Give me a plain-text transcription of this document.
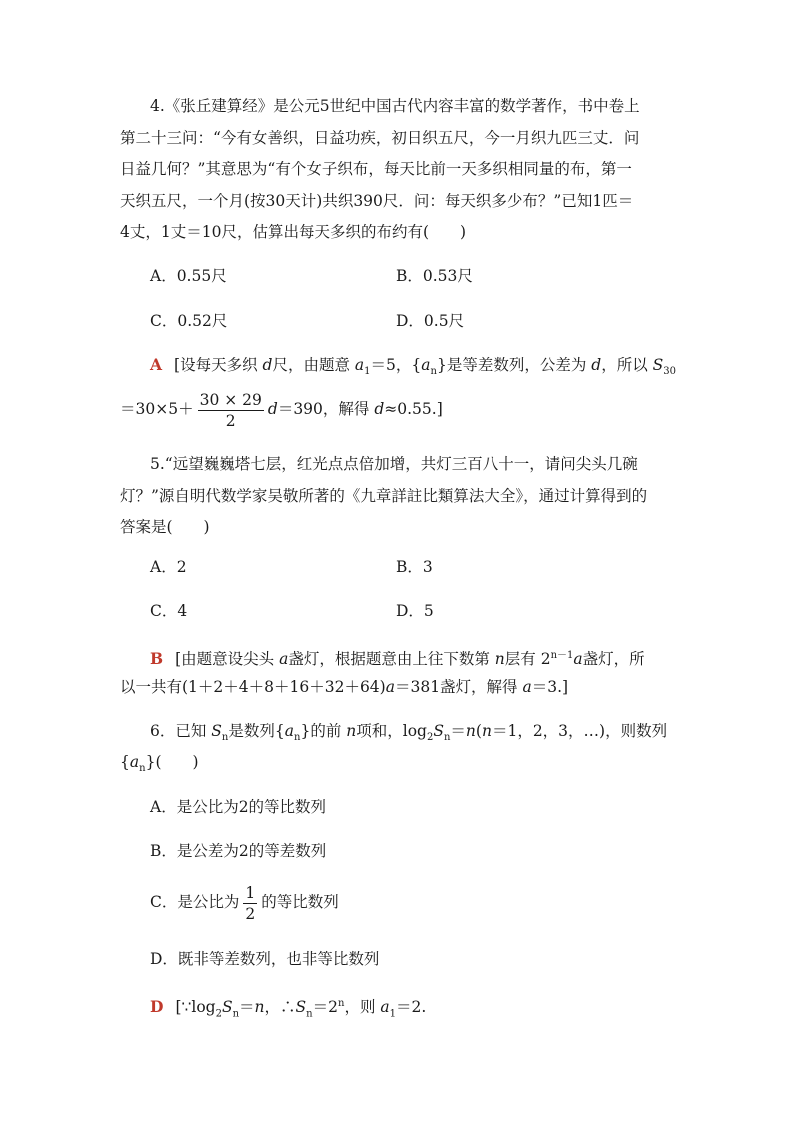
4.《张丘建算经》是公元5世纪中国古代内容丰富的数学著作，书中卷上
第二十三问：“今有女善织，日益功疾，初日织五尺，今一月织九匹三丈．问
日益几何？”其意思为“有个女子织布，每天比前一天多织相同量的布，第一
天织五尺，一个月(按30天计)共织390尺．问：每天织多少布？”已知1匹＝
4丈，1丈＝10尺，估算出每天多织的布约有(　　)
A．0.55尺	B．0.53尺
C．0.52尺	D．0.5尺
A [设每天多织 d尺，由题意 $a_1=5$，$\{a_n\}$是等差数列，公差为 d，所以 $S_{30}$
$=30\times 5+ \frac{30 \times 29}{2} d=390$，解得 d≈0.55.]
5.“远望巍巍塔七层，红光点点倍加增，共灯三百八十一，请问尖头几碗
灯？”源自明代数学家吴敬所著的《九章詳註比類算法大全》，通过计算得到的
答案是(　　)
A．2	B．3
C．4	D．5
B [由题意设尖头 a盏灯，根据题意由上往下数第 n层有 $2^{n-1}a$盏灯，所
以一共有(1＋2＋4＋8＋16＋32＋64)a＝381盏灯，解得 a＝3.]
6．已知 $S_n$是数列$\{a_n\}$的前 n项和，$\log_2S_n=n(n=1$，2，3，…)，则数列
$\{a_n\}$(　　)
A．是公比为2的等比数列
B．是公差为2的等差数列
C．是公比为 $\frac{1}{2}$ 的等比数列
D．既非等差数列，也非等比数列
D [$\because\log_2S_n=n$，$\therefore S_n=2^n$，则 $a_1=2$.
